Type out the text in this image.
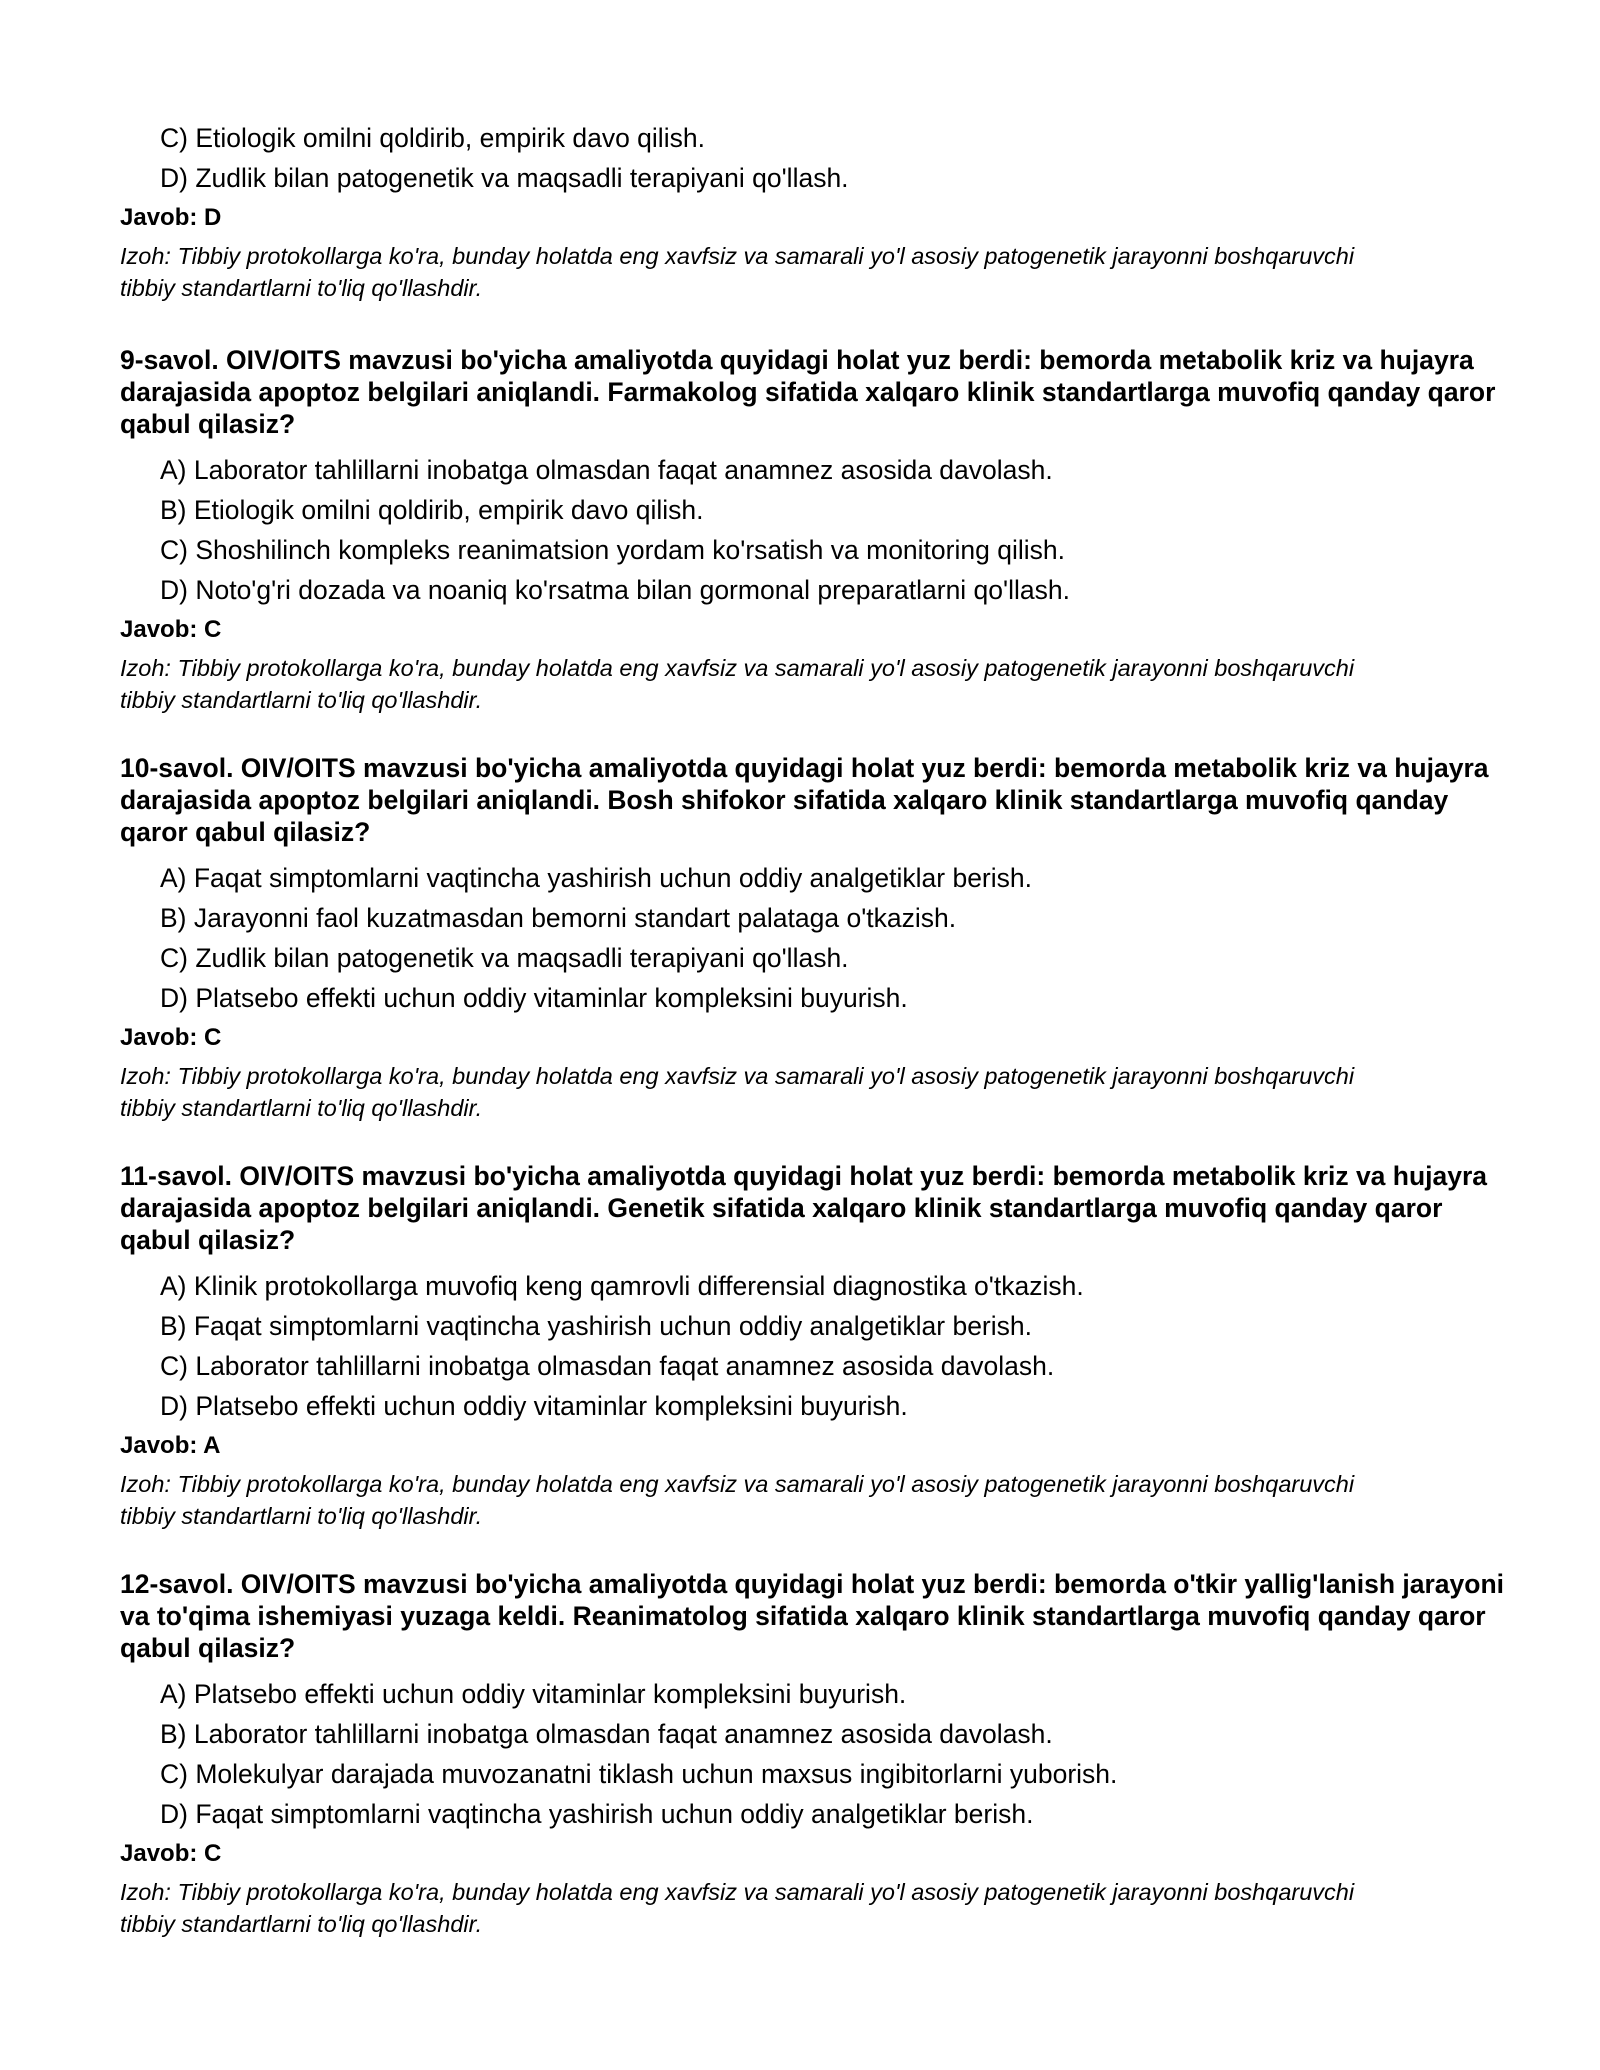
C) Etiologik omilni qoldirib, empirik davo qilish.
D) Zudlik bilan patogenetik va maqsadli terapiyani qo'llash.
Javob: D
Izoh: Tibbiy protokollarga ko'ra, bunday holatda eng xavfsiz va samarali yo'l asosiy patogenetik jarayonni boshqaruvchi tibbiy standartlarni to'liq qo'llashdir.
9-savol. OIV/OITS mavzusi bo'yicha amaliyotda quyidagi holat yuz berdi: bemorda metabolik kriz va hujayra darajasida apoptoz belgilari aniqlandi. Farmakolog sifatida xalqaro klinik standartlarga muvofiq qanday qaror qabul qilasiz?
A) Laborator tahlillarni inobatga olmasdan faqat anamnez asosida davolash.
B) Etiologik omilni qoldirib, empirik davo qilish.
C) Shoshilinch kompleks reanimatsion yordam ko'rsatish va monitoring qilish.
D) Noto'g'ri dozada va noaniq ko'rsatma bilan gormonal preparatlarni qo'llash.
Javob: C
Izoh: Tibbiy protokollarga ko'ra, bunday holatda eng xavfsiz va samarali yo'l asosiy patogenetik jarayonni boshqaruvchi tibbiy standartlarni to'liq qo'llashdir.
10-savol. OIV/OITS mavzusi bo'yicha amaliyotda quyidagi holat yuz berdi: bemorda metabolik kriz va hujayra darajasida apoptoz belgilari aniqlandi. Bosh shifokor sifatida xalqaro klinik standartlarga muvofiq qanday qaror qabul qilasiz?
A) Faqat simptomlarni vaqtincha yashirish uchun oddiy analgetiklar berish.
B) Jarayonni faol kuzatmasdan bemorni standart palataga o'tkazish.
C) Zudlik bilan patogenetik va maqsadli terapiyani qo'llash.
D) Platsebo effekti uchun oddiy vitaminlar kompleksini buyurish.
Javob: C
Izoh: Tibbiy protokollarga ko'ra, bunday holatda eng xavfsiz va samarali yo'l asosiy patogenetik jarayonni boshqaruvchi tibbiy standartlarni to'liq qo'llashdir.
11-savol. OIV/OITS mavzusi bo'yicha amaliyotda quyidagi holat yuz berdi: bemorda metabolik kriz va hujayra darajasida apoptoz belgilari aniqlandi. Genetik sifatida xalqaro klinik standartlarga muvofiq qanday qaror qabul qilasiz?
A) Klinik protokollarga muvofiq keng qamrovli differensial diagnostika o'tkazish.
B) Faqat simptomlarni vaqtincha yashirish uchun oddiy analgetiklar berish.
C) Laborator tahlillarni inobatga olmasdan faqat anamnez asosida davolash.
D) Platsebo effekti uchun oddiy vitaminlar kompleksini buyurish.
Javob: A
Izoh: Tibbiy protokollarga ko'ra, bunday holatda eng xavfsiz va samarali yo'l asosiy patogenetik jarayonni boshqaruvchi tibbiy standartlarni to'liq qo'llashdir.
12-savol. OIV/OITS mavzusi bo'yicha amaliyotda quyidagi holat yuz berdi: bemorda o'tkir yallig'lanish jarayoni va to'qima ishemiyasi yuzaga keldi. Reanimatolog sifatida xalqaro klinik standartlarga muvofiq qanday qaror qabul qilasiz?
A) Platsebo effekti uchun oddiy vitaminlar kompleksini buyurish.
B) Laborator tahlillarni inobatga olmasdan faqat anamnez asosida davolash.
C) Molekulyar darajada muvozanatni tiklash uchun maxsus ingibitorlarni yuborish.
D) Faqat simptomlarni vaqtincha yashirish uchun oddiy analgetiklar berish.
Javob: C
Izoh: Tibbiy protokollarga ko'ra, bunday holatda eng xavfsiz va samarali yo'l asosiy patogenetik jarayonni boshqaruvchi tibbiy standartlarni to'liq qo'llashdir.
